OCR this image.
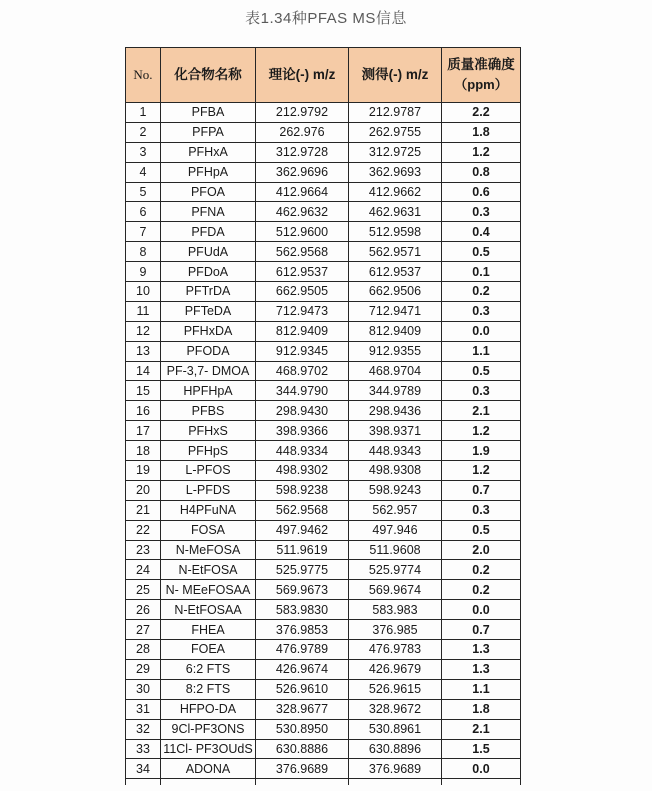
表1.34种PFAS MS信息
No.	化合物名称	理论(-) m/z	测得(-) m/z	质量准确度
（ppm）
1	PFBA	212.9792	212.9787	2.2
2	PFPA	262.976	262.9755	1.8
3	PFHxA	312.9728	312.9725	1.2
4	PFHpA	362.9696	362.9693	0.8
5	PFOA	412.9664	412.9662	0.6
6	PFNA	462.9632	462.9631	0.3
7	PFDA	512.9600	512.9598	0.4
8	PFUdA	562.9568	562.9571	0.5
9	PFDoA	612.9537	612.9537	0.1
10	PFTrDA	662.9505	662.9506	0.2
11	PFTeDA	712.9473	712.9471	0.3
12	PFHxDA	812.9409	812.9409	0.0
13	PFODA	912.9345	912.9355	1.1
14	PF-3,7- DMOA	468.9702	468.9704	0.5
15	HPFHpA	344.9790	344.9789	0.3
16	PFBS	298.9430	298.9436	2.1
17	PFHxS	398.9366	398.9371	1.2
18	PFHpS	448.9334	448.9343	1.9
19	L-PFOS	498.9302	498.9308	1.2
20	L-PFDS	598.9238	598.9243	0.7
21	H4PFuNA	562.9568	562.957	0.3
22	FOSA	497.9462	497.946	0.5
23	N-MeFOSA	511.9619	511.9608	2.0
24	N-EtFOSA	525.9775	525.9774	0.2
25	N- MEeFOSAA	569.9673	569.9674	0.2
26	N-EtFOSAA	583.9830	583.983	0.0
27	FHEA	376.9853	376.985	0.7
28	FOEA	476.9789	476.9783	1.3
29	6:2 FTS	426.9674	426.9679	1.3
30	8:2 FTS	526.9610	526.9615	1.1
31	HFPO-DA	328.9677	328.9672	1.8
32	9Cl-PF3ONS	530.8950	530.8961	2.1
33	11Cl- PF3OUdS	630.8886	630.8896	1.5
34	ADONA	376.9689	376.9689	0.0
